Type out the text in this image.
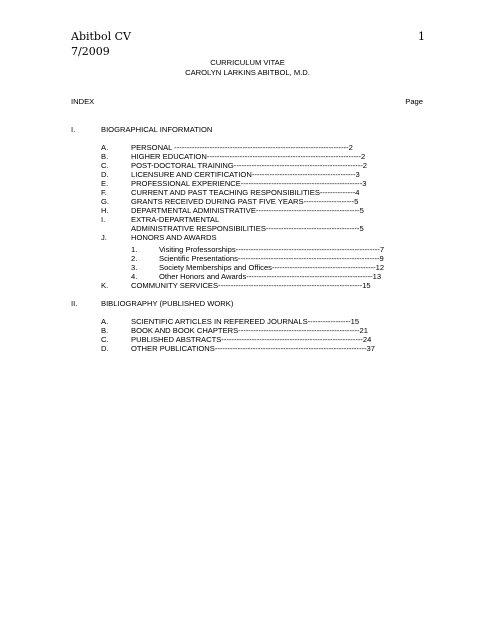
Abitbol CV
7/2009
1
CURRICULUM VITAE
CAROLYN LARKINS ABITBOL, M.D.
INDEX	Page
I.	BIOGRAPHICAL INFORMATION
A.	PERSONAL ---------------------------------------------------------------------2
B.	HIGHER EDUCATION-------------------------------------------------------------2
C.	POST-DOCTORAL TRAINING---------------------------------------------------2
D.	LICENSURE AND CERTIFICATION-----------------------------------------3
E.	PROFESSIONAL EXPERIENCE------------------------------------------------3
F.	CURRENT AND PAST TEACHING RESPONSIBILITIES--------------4
G.	GRANTS RECEIVED DURING PAST FIVE YEARS--------------------5
H.	DEPARTMENTAL ADMINISTRATIVE-----------------------------------------5
I.	EXTRA-DEPARTMENTAL
ADMINISTRATIVE RESPONSIBILITIES-------------------------------------5
J.	HONORS AND AWARDS
1.	Visiting Professorships---------------------------------------------------------7
2.	Scientific Presentations--------------------------------------------------------9
3.	Society Memberships and Offices-----------------------------------------12
4.	Other Honors and Awards--------------------------------------------------13
K.	COMMUNITY SERVICES---------------------------------------------------------15
II.	BIBLIOGRAPHY (PUBLISHED WORK)
A.	SCIENTIFIC ARTICLES IN REFEREED JOURNALS-----------------15
B.	BOOK AND BOOK CHAPTERS------------------------------------------------21
C.	PUBLISHED ABSTRACTS--------------------------------------------------------24
D.	OTHER PUBLICATIONS------------------------------------------------------------37
